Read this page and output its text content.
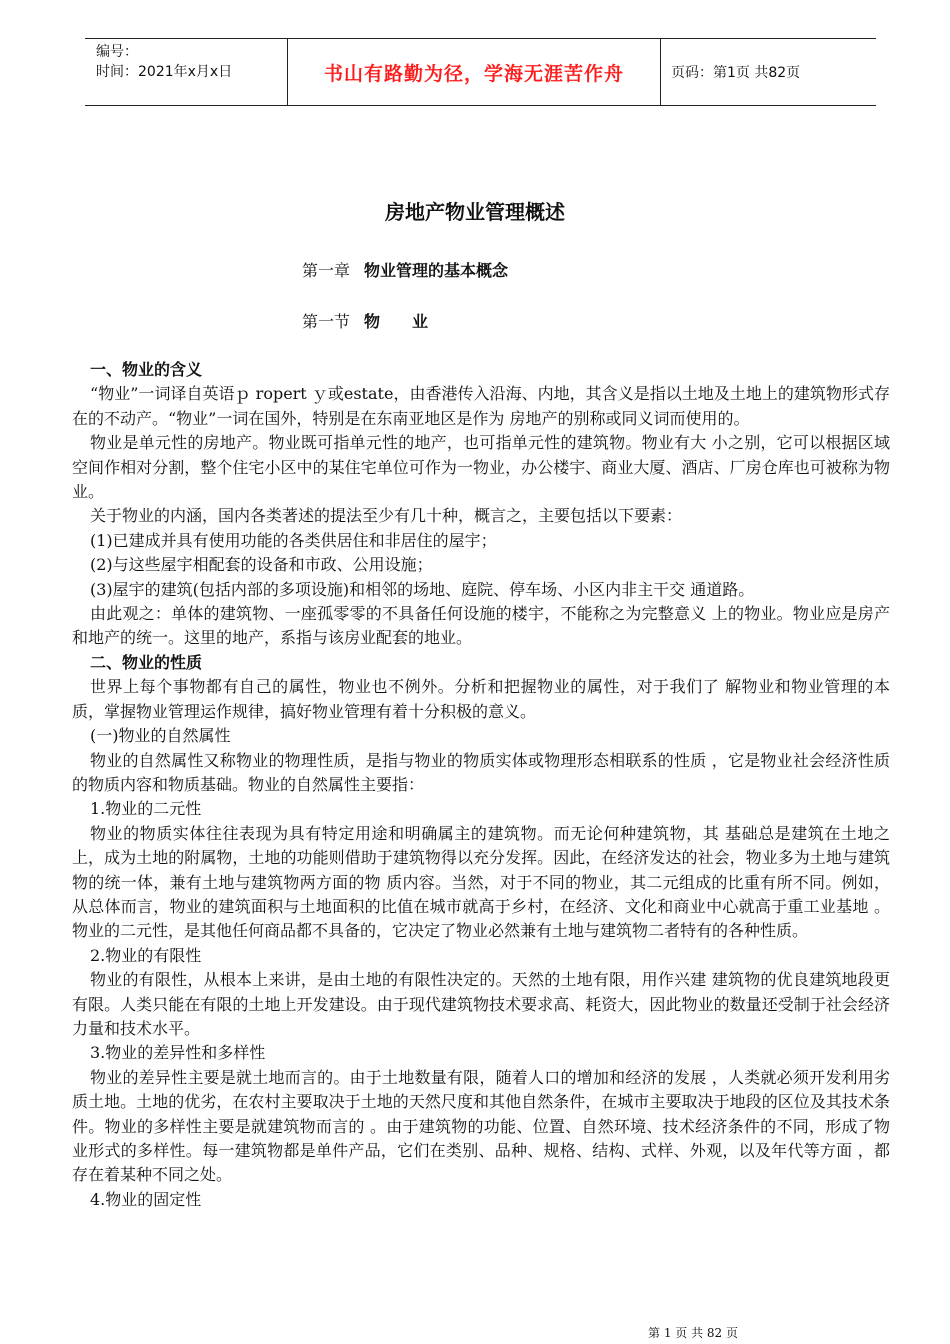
编号：
时间：2021年x月x日	书山有路勤为径，学海无涯苦作舟	页码：第1页 共82页
房地产物业管理概述
第一章 物业管理的基本概念
第一节 物　　业

一、物业的含义

“物业”一词译自英语ｐ ropert ｙ或estate，由香港传入沿海、内地，其含义是指以土地及土地上的建筑物形式存在的不动产。“物业”一词在国外，特别是在东南亚地区是作为 房地产的别称或同义词而使用的。

物业是单元性的房地产。物业既可指单元性的地产，也可指单元性的建筑物。物业有大 小之别，它可以根据区域空间作相对分割，整个住宅小区中的某住宅单位可作为一物业，办公楼宇、商业大厦、酒店、厂房仓库也可被称为物业。

关于物业的内涵，国内各类著述的提法至少有几十种，概言之，主要包括以下要素：

(1)已建成并具有使用功能的各类供居住和非居住的屋宇；

(2)与这些屋宇相配套的设备和市政、公用设施；

(3)屋宇的建筑(包括内部的多项设施)和相邻的场地、庭院、停车场、小区内非主干交 通道路。

由此观之：单体的建筑物、一座孤零零的不具备任何设施的楼宇，不能称之为完整意义 上的物业。物业应是房产和地产的统一。这里的地产，系指与该房业配套的地业。

二、物业的性质

世界上每个事物都有自己的属性，物业也不例外。分析和把握物业的属性，对于我们了 解物业和物业管理的本质，掌握物业管理运作规律，搞好物业管理有着十分积极的意义。

(一)物业的自然属性

物业的自然属性又称物业的物理性质，是指与物业的物质实体或物理形态相联系的性质 ，它是物业社会经济性质的物质内容和物质基础。物业的自然属性主要指：

1.物业的二元性

物业的物质实体往往表现为具有特定用途和明确属主的建筑物。而无论何种建筑物，其 基础总是建筑在土地之上，成为土地的附属物，土地的功能则借助于建筑物得以充分发挥。因此，在经济发达的社会，物业多为土地与建筑物的统一体，兼有土地与建筑物两方面的物 质内容。当然，对于不同的物业，其二元组成的比重有所不同。例如，从总体而言，物业的建筑面积与土地面积的比值在城市就高于乡村，在经济、文化和商业中心就高于重工业基地 。物业的二元性，是其他任何商品都不具备的，它决定了物业必然兼有土地与建筑物二者特有的各种性质。

2.物业的有限性

物业的有限性，从根本上来讲，是由土地的有限性决定的。天然的土地有限，用作兴建 建筑物的优良建筑地段更有限。人类只能在有限的土地上开发建设。由于现代建筑物技术要求高、耗资大，因此物业的数量还受制于社会经济力量和技术水平。

3.物业的差异性和多样性

物业的差异性主要是就土地而言的。由于土地数量有限，随着人口的增加和经济的发展 ，人类就必须开发利用劣质土地。土地的优劣，在农村主要取决于土地的天然尺度和其他自然条件，在城市主要取决于地段的区位及其技术条件。物业的多样性主要是就建筑物而言的 。由于建筑物的功能、位置、自然环境、技术经济条件的不同，形成了物业形式的多样性。每一建筑物都是单件产品，它们在类别、品种、规格、结构、式样、外观，以及年代等方面 ，都存在着某种不同之处。

4.物业的固定性

第 1 页 共 82 页
